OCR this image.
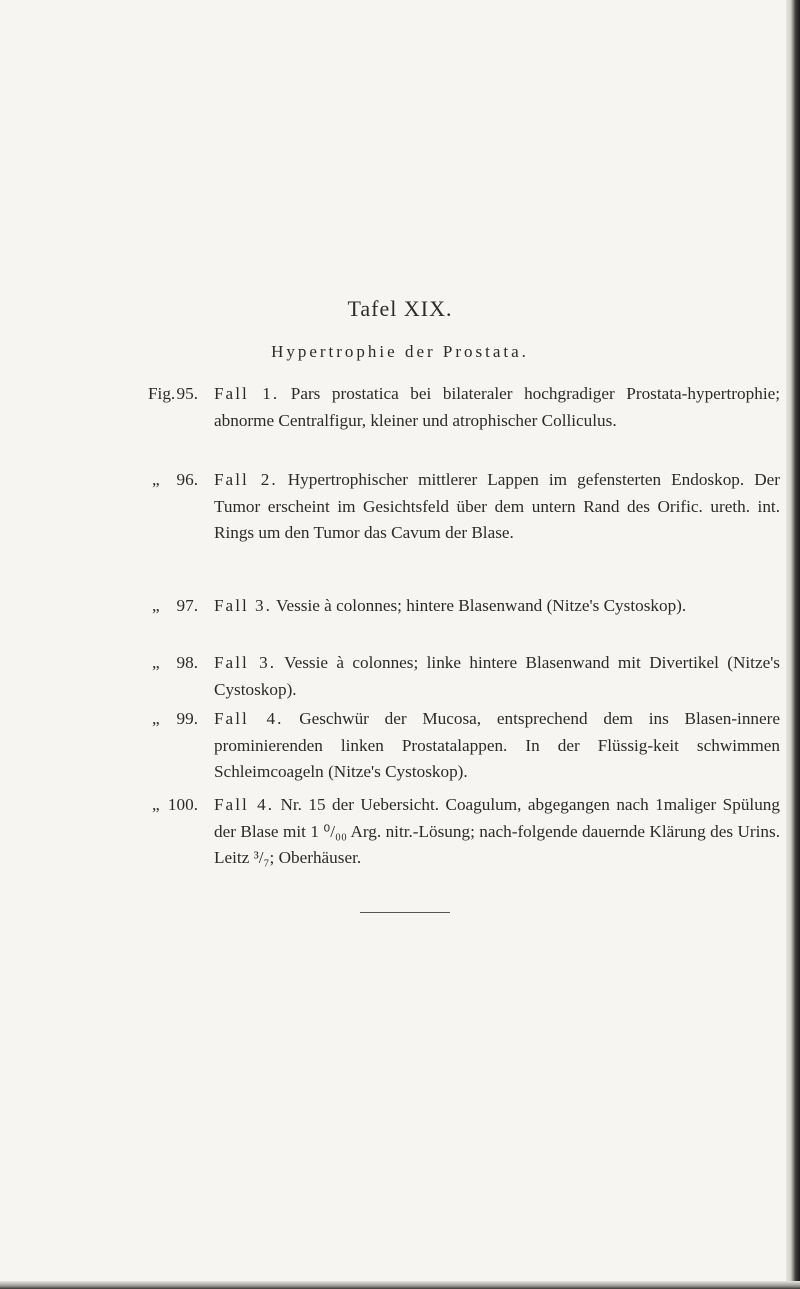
Tafel XIX.
Hypertrophie der Prostata.
Fig. 95. Fall 1. Pars prostatica bei bilateraler hochgradiger Prostata-hypertrophie; abnorme Centralfigur, kleiner und atrophischer Colliculus.
„ 96. Fall 2. Hypertrophischer mittlerer Lappen im gefensterten Endoskop. Der Tumor erscheint im Gesichtsfeld über dem untern Rand des Orific. ureth. int. Rings um den Tumor das Cavum der Blase.
„ 97. Fall 3. Vessie à colonnes; hintere Blasenwand (Nitze's Cystoskop).
„ 98. Fall 3. Vessie à colonnes; linke hintere Blasenwand mit Divertikel (Nitze's Cystoskop).
„ 99. Fall 4. Geschwür der Mucosa, entsprechend dem ins Blasen-innere prominierenden linken Prostatalappen. In der Flüssig-keit schwimmen Schleimcoageln (Nitze's Cystoskop).
„ 100. Fall 4. Nr. 15 der Uebersicht. Coagulum, abgegangen nach 1maliger Spülung der Blase mit 1 ⁰/₀₀ Arg. nitr.-Lösung; nach-folgende dauernde Klärung des Urins. Leitz ³/₇; Oberhäuser.
